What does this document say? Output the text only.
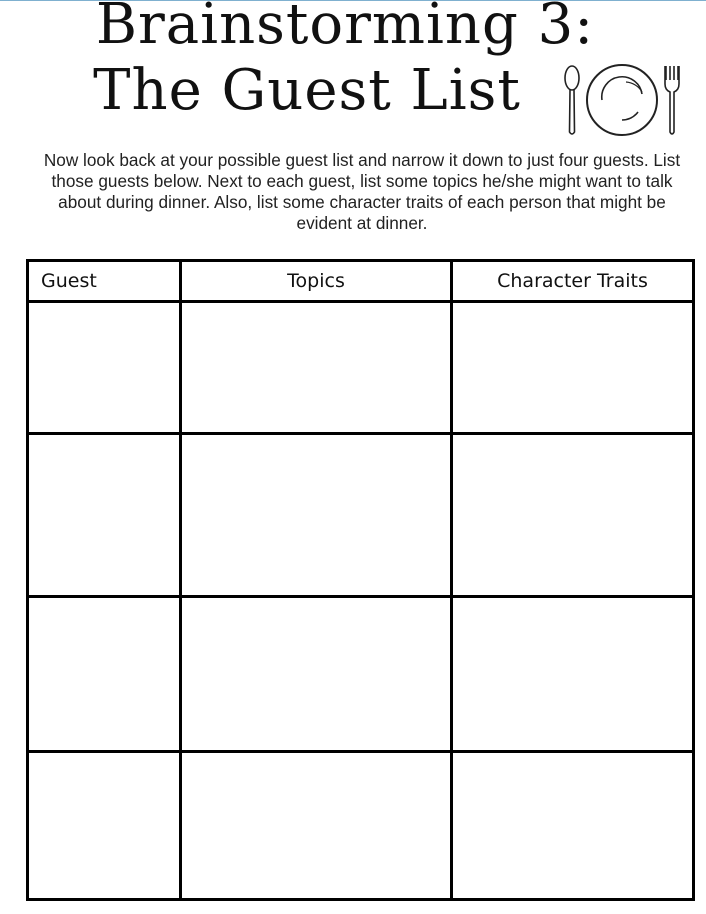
Brainstorming 3:
The Guest List

Now look back at your possible guest list and narrow it down to just four guests. List those guests below. Next to each guest, list some topics he/she might want to talk about during dinner. Also, list some character traits of each person that might be evident at dinner.

Guest	Topics	Character Traits
